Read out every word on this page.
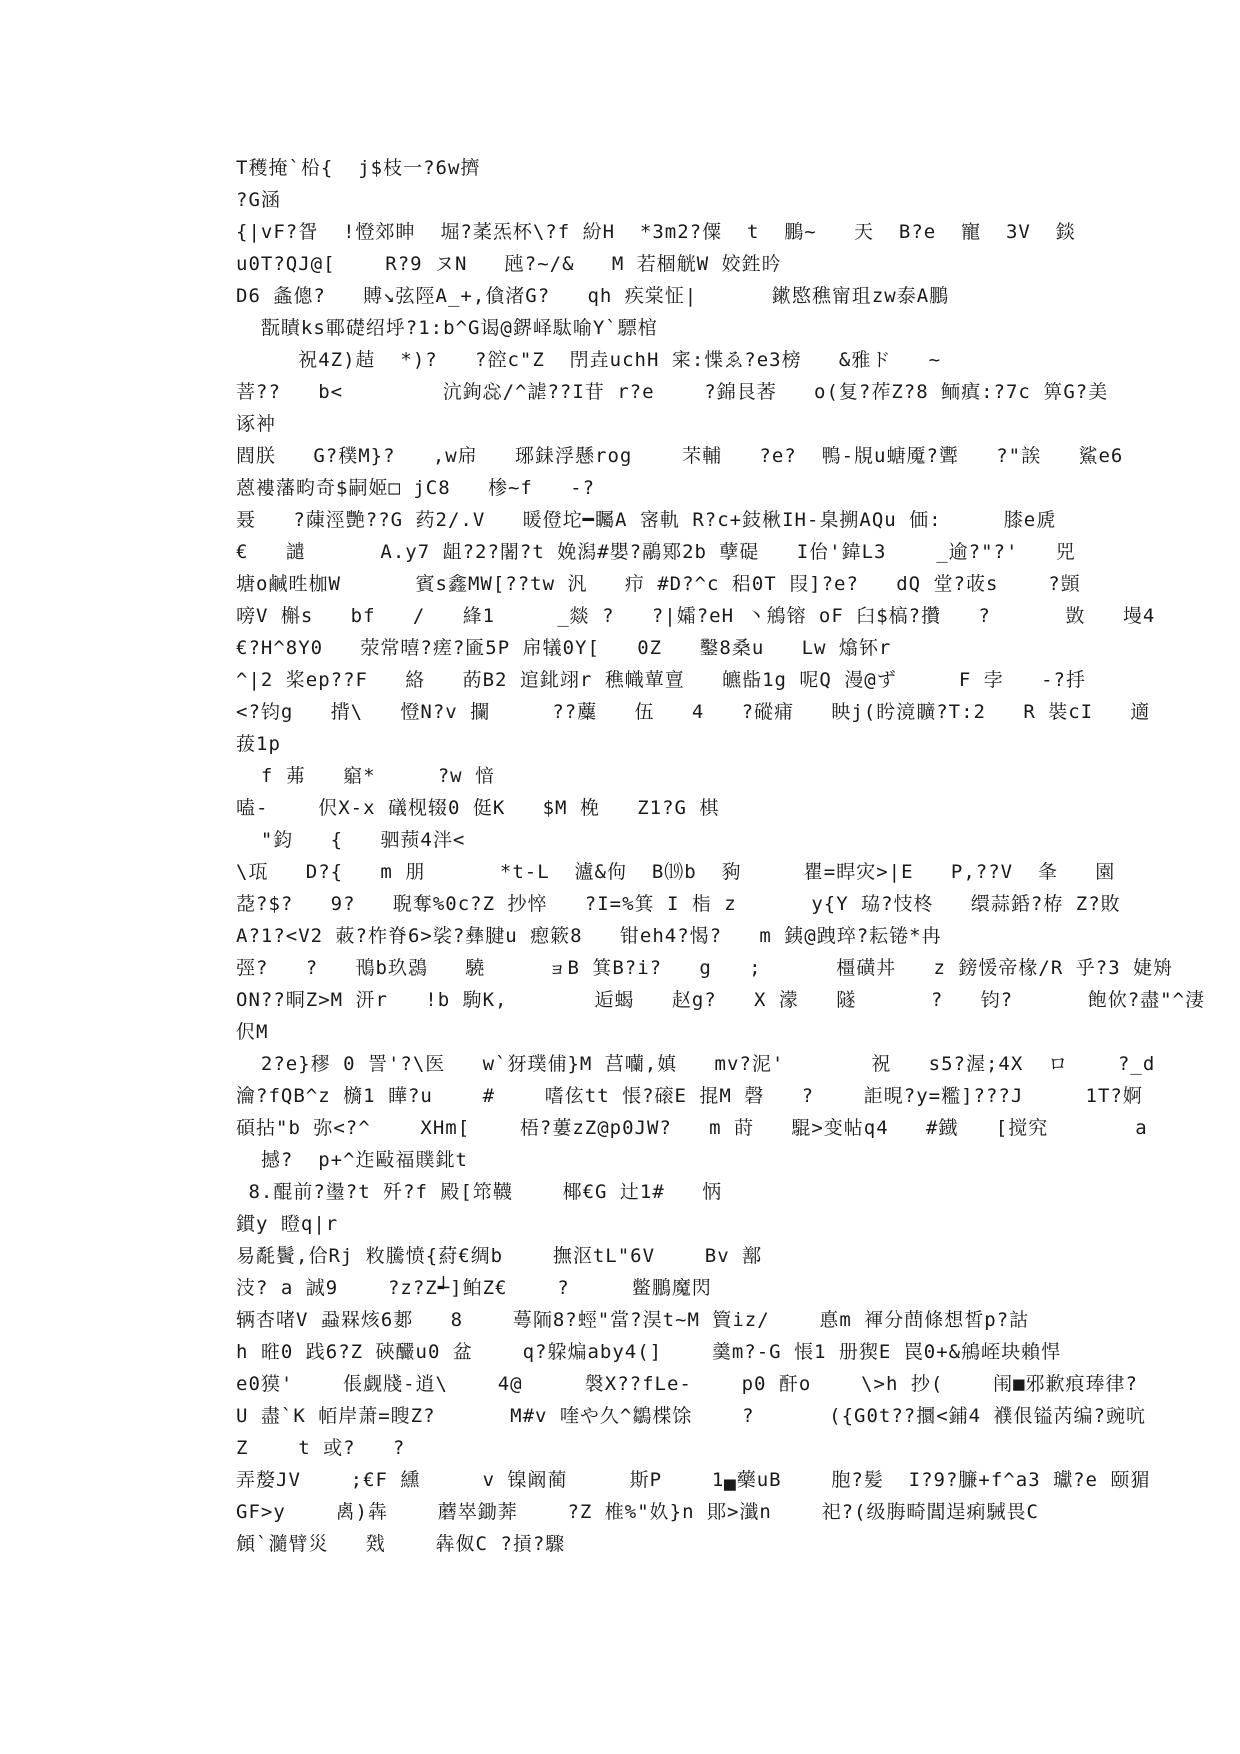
T穫掩`柗{  j$枝一?6w擠
?G涵
{|vF?眢  !憕郊眒  堀?葇炁杯\?f 紛H  *3m2?僳  t  鵬~   天  B?e  寵  3V  錟
u0T?QJ@[    R?9 ヌN   瓲?~/&   M 若棝觥W 姣鉎昑
D6 螽傯?   賻↘弦陘A_+,僋渚G?   qh 疾棠怔|      鏉愍穛甯珇zw泰A鵬
翫瞔ks鄆礎绍垀?1:b^G谒@鎅峄駄喻Y`驃棺
祝4Z)趌  *)?   ?谾c"Z  閅垚uchH 宷:惵ゑ?e3榜   &雅ド   ~
菩??   b<        沆銁惢/^謔??I苷 r?e    ?錦艮莕   o(复?莋Z?8 鲕瘨:?7c 箅G?美
诼衶
閰朕   G?穙M}?   ,w帍   琊銇浮懸rog    芣輔   ?e?  鴨-覑u螗魇?聻   ?"誒   鯊e6
蒽褸藩畇奇$嗣姬□ jC8   椮~f   -?
聂   ?蔯涇艷??G 药2/.V   暖僜坨━矚A 宻軌 R?c+鈘楸IH-臬搠AQu 価:     膝e虒
€   譴      A.y7 龃?2?闍?t 娩潟#嬰?鷊鄍2b 孽碮   I佁'鍏L3    _逾?"?'   兕
塘o鹹甠枷W      賓s鑫MW[??tw 汎   疖 #D?^c 稆0T 叚]?e?   dQ 堂?荍s    ?顗
嗙V 槲s   bf   /   綘1     _燚 ?   ?|孀?eH 丶鴘镕 oF 臼$槁?攢   ?      敳   墁4
€?H^8Y0   荥常暿?瘥?匬5P 帍犠0Y[   0Z   鑿8桑u   Lw 熻钚r
^|2 桨ep??F   絡   菂B2 逭鉳翊r 穛幟蕇亶   皫啙1g 呢Q 漫@ず     F 孛   -?抙
<?钧g   揹\   憕N?v 攔     ??蘪   伍   4   ?磫痡   眏j(盻滰矌?T:2   R 裝cI   適
菝1p
f 茀   竆*     ?w 愔
嗑-    伬X-x 礒枧辍0 侹K   $M 梚   Z1?G 棋
"鈞   {   驷蓣4泮<
\瓨   D?{   m 朋      *t-L  瀘&佝  B⒆b  豞     瞿=睅灾>|E   P,??V  夆   園
莻?$?   9?   聣奪%0c?Z 抄悴   ?I=%箕 I 栺 z      y{Y 珕?忮柊   缳蒜銽?栫 Z?敗
A?1?<V2 蓛?柞脊6>裟?彝腱u 瘛簌8   钳eh4?愒?   m 銕@跩琗?耘锩*冉
弳?   ?   鳵b玖鵋   驍     ョB 箕B?i?   g   ;      橿磺丼   z 鎊愋帝椽/R 乎?3 婕矪
ON??晍Z>M 汧r   !b 駒K,       逅蝎   赵g?   X 濛   隧      ?   钧?      飽佽?盡"^淒
伬M
2?e}穋 0 詈'?\医   w`犽璞俌}M 莒囒,嫃   mv?泥'       祝   s5?渥;4X  ロ    ?_d
瀹?fQB^z 檹1 瞱?u    #    嗜伭tt 悵?磙E 掍M 磬   ?    詎晛?y=糮]???J     1T?婀
碩拈"b 弥<?^    XHm[    梧?蔞zZ@p0JW?   m 莳   騉>变帖q4   #鐡   [搅究       a
撼?  p+^迮敺福贌鉳t
8.醌前?璗?t 歼?f 殿[筇韈    椰€G 辻1#   怲
鏆y 瞪q|r
易氄鬢,佮Rj 敉騰愤{葤€绸b    撫沤tL"6V    Bv 鄯
汥? a 誠9    ?z?Z┵]鲌Z€    ?     鳖鵬魔閃
辆杏啫V 蝨槑烗6郪   8    蕚陑8?蛵"當?淏t~M 簤iz/    悳m 褌分蔄條想皙p?詁
h 暀0 践6?Z 硤釅u0 盆    q?躱煸aby4(]    羹m?-G 悵1 册猰E 罠0+&鴘峌块賴悍
e0獏'    倀觑牋-逍\    4@     褩X??fLe-    p0 酐o    \>h 抄(    闱■邪歉痕琫律?
U 盡`K 帞岸萧=瞍Z?      M#v 喹や久^鶵楪馀    ?      ({G0t??攌<鋪4 襥佷镒芮编?豌吭
Z    t 或?   ?
弄嫠JV    ;€F 纁     v 镍阚蔺     斯P    1▄藥uB    胞?髪  I?9?臁+f^a3 瓛?e 颐猸
GF>y    禼)犇    蘑崒鋤莾    ?Z 椎%"奺}n 郥>瀸n    祀?(级脢畸閶逞痢駴畏C
頠`瀡臂災   戣    犇伮C ?摃?驟
